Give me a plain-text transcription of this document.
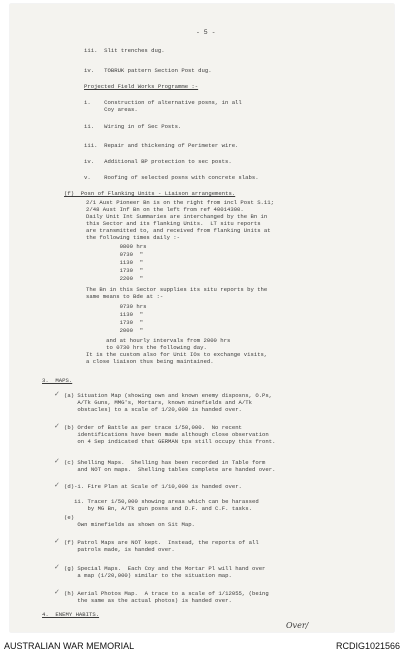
- 5 -
iii.  Slit trenches dug.
iv.   TOBRUK pattern Section Post dug.
Projected Field Works Programme :-
i.    Construction of alternative posns, in all
Coy areas.
ii.   Wiring in of Sec Posts.
iii.  Repair and thickening of Perimeter wire.
iv.   Additional BP protection to sec posts.
v.    Roofing of selected posns with concrete slabs.
(f)  Posn of Flanking Units - Liaison arrangements.
2/1 Aust Pioneer Bn is on the right from incl Post S.11;
2/48 Aust Inf Bn on the left from ref 40014300.
Daily Unit Int Summaries are interchanged by the Bn in
this Sector and its flanking Units.  LT situ reports
are transmitted to, and received from flanking Units at
the following times daily :-
0800 hrs
0730  "
1130  "
1730  "
2200  "
The Bn in this Sector supplies its situ reports by the
same means to Bde at :-
0730 hrs
1130  "
1730  "
2000  "
and at hourly intervals from 2000 hrs
to 0730 hrs the following day.
It is the custom also for Unit IOs to exchange visits,
a close liaison thus being maintained.
3.  MAPS.
✓ (a) Situation Map (showing own and known enemy disposns, O.Ps,
A/Tk Guns, MMG's, Mortars, known minefields and A/Tk
obstacles) to a scale of 1/20,000 is handed over.
✓ (b) Order of Battle as per trace 1/50,000.  No recent
identifications have been made although close observation
on 4 Sep indicated that GERMAN tps still occupy this front.
✓ (c) Shelling Maps.  Shelling has been recorded in Table form
and NOT on maps.  Shelling tables complete are handed over.
✓ (d)-i. Fire Plan at Scale of 1/10,000 is handed over.
ii. Tracer 1/50,000 showing areas which can be harassed
by MG Bn, A/Tk gun posns and D.F. and C.F. tasks.
(e)
Own minefields as shown on Sit Map.
✓ (f) Patrol Maps are NOT kept.  Instead, the reports of all
patrols made, is handed over.
✓ (g) Special Maps.  Each Coy and the Mortar Pl will hand over
a map (1/20,000) similar to the situation map.
✓ (h) Aerial Photos Map.  A trace to a scale of 1/12055, (being
the same as the actual photos) is handed over.
4.  ENEMY HABITS.
Over/
AUSTRALIAN WAR MEMORIAL	RCDIG1021566
